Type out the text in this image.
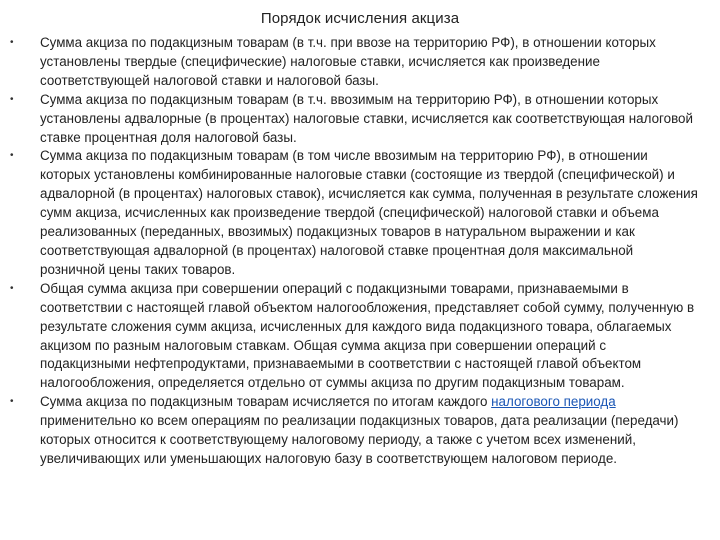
Порядок исчисления акциза
• Сумма акциза по подакцизным товарам (в т.ч. при ввозе на территорию РФ), в отношении которых установлены твердые (специфические) налоговые ставки, исчисляется как произведение соответствующей налоговой ставки и налоговой базы.
• Сумма акциза по подакцизным товарам (в т.ч. ввозимым на территорию РФ), в отношении которых установлены адвалорные (в процентах) налоговые ставки, исчисляется как соответствующая налоговой ставке процентная доля налоговой базы.
• Сумма акциза по подакцизным товарам (в том числе ввозимым на территорию РФ), в отношении которых установлены комбинированные налоговые ставки (состоящие из твердой (специфической) и адвалорной (в процентах) налоговых ставок), исчисляется как сумма, полученная в результате сложения сумм акциза, исчисленных как произведение твердой (специфической) налоговой ставки и объема реализованных (переданных, ввозимых) подакцизных товаров в натуральном выражении и как соответствующая адвалорной (в процентах) налоговой ставке процентная доля максимальной розничной цены таких товаров.
• Общая сумма акциза при совершении операций с подакцизными товарами, признаваемыми в соответствии с настоящей главой объектом налогообложения, представляет собой сумму, полученную в результате сложения сумм акциза, исчисленных для каждого вида подакцизного товара, облагаемых акцизом по разным налоговым ставкам. Общая сумма акциза при совершении операций с подакцизными нефтепродуктами, признаваемыми в соответствии с настоящей главой объектом налогообложения, определяется отдельно от суммы акциза по другим подакцизным товарам.
• Сумма акциза по подакцизным товарам исчисляется по итогам каждого налогового периода применительно ко всем операциям по реализации подакцизных товаров, дата реализации (передачи) которых относится к соответствующему налоговому периоду, а также с учетом всех изменений, увеличивающих или уменьшающих налоговую базу в соответствующем налоговом периоде.
